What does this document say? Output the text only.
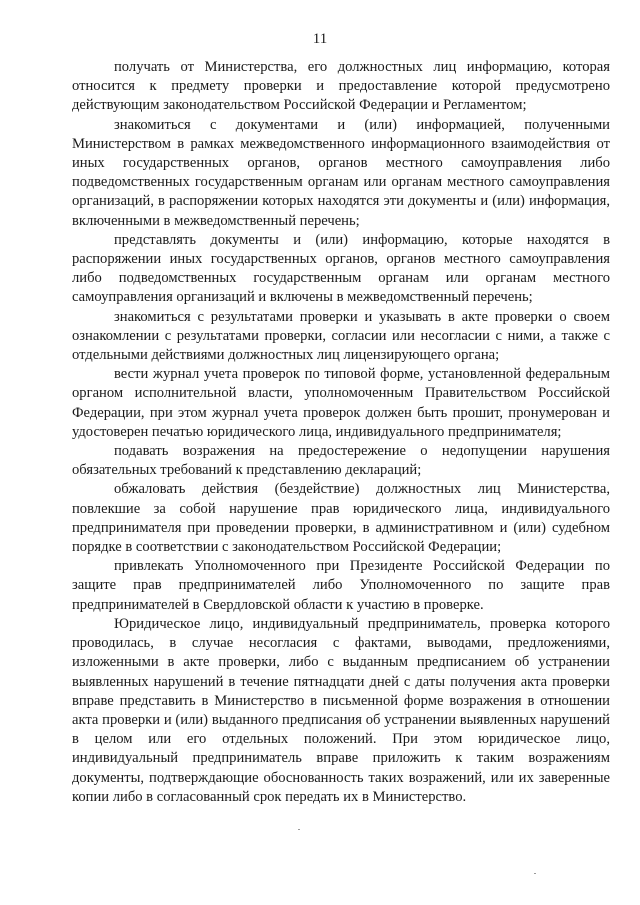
11

получать от Министерства, его должностных лиц информацию, которая относится к предмету проверки и предоставление которой предусмотрено действующим законодательством Российской Федерации и Регламентом;

знакомиться с документами и (или) информацией, полученными Министерством в рамках межведомственного информационного взаимодействия от иных государственных органов, органов местного самоуправления либо подведомственных государственным органам или органам местного самоуправления организаций, в распоряжении которых находятся эти документы и (или) информация, включенными в межведомственный перечень;

представлять документы и (или) информацию, которые находятся в распоряжении иных государственных органов, органов местного самоуправления либо подведомственных государственным органам или органам местного самоуправления организаций и включены в межведомственный перечень;

знакомиться с результатами проверки и указывать в акте проверки о своем ознакомлении с результатами проверки, согласии или несогласии с ними, а также с отдельными действиями должностных лиц лицензирующего органа;

вести журнал учета проверок по типовой форме, установленной федеральным органом исполнительной власти, уполномоченным Правительством Российской Федерации, при этом журнал учета проверок должен быть прошит, пронумерован и удостоверен печатью юридического лица, индивидуального предпринимателя;

подавать возражения на предостережение о недопущении нарушения обязательных требований к представлению деклараций;

обжаловать действия (бездействие) должностных лиц Министерства, повлекшие за собой нарушение прав юридического лица, индивидуального предпринимателя при проведении проверки, в административном и (или) судебном порядке в соответствии с законодательством Российской Федерации;

привлекать Уполномоченного при Президенте Российской Федерации по защите прав предпринимателей либо Уполномоченного по защите прав предпринимателей в Свердловской области к участию в проверке.

Юридическое лицо, индивидуальный предприниматель, проверка которого проводилась, в случае несогласия с фактами, выводами, предложениями, изложенными в акте проверки, либо с выданным предписанием об устранении выявленных нарушений в течение пятнадцати дней с даты получения акта проверки вправе представить в Министерство в письменной форме возражения в отношении акта проверки и (или) выданного предписания об устранении выявленных нарушений в целом или его отдельных положений. При этом юридическое лицо, индивидуальный предприниматель вправе приложить к таким возражениям документы, подтверждающие обоснованность таких возражений, или их заверенные копии либо в согласованный срок передать их в Министерство.
